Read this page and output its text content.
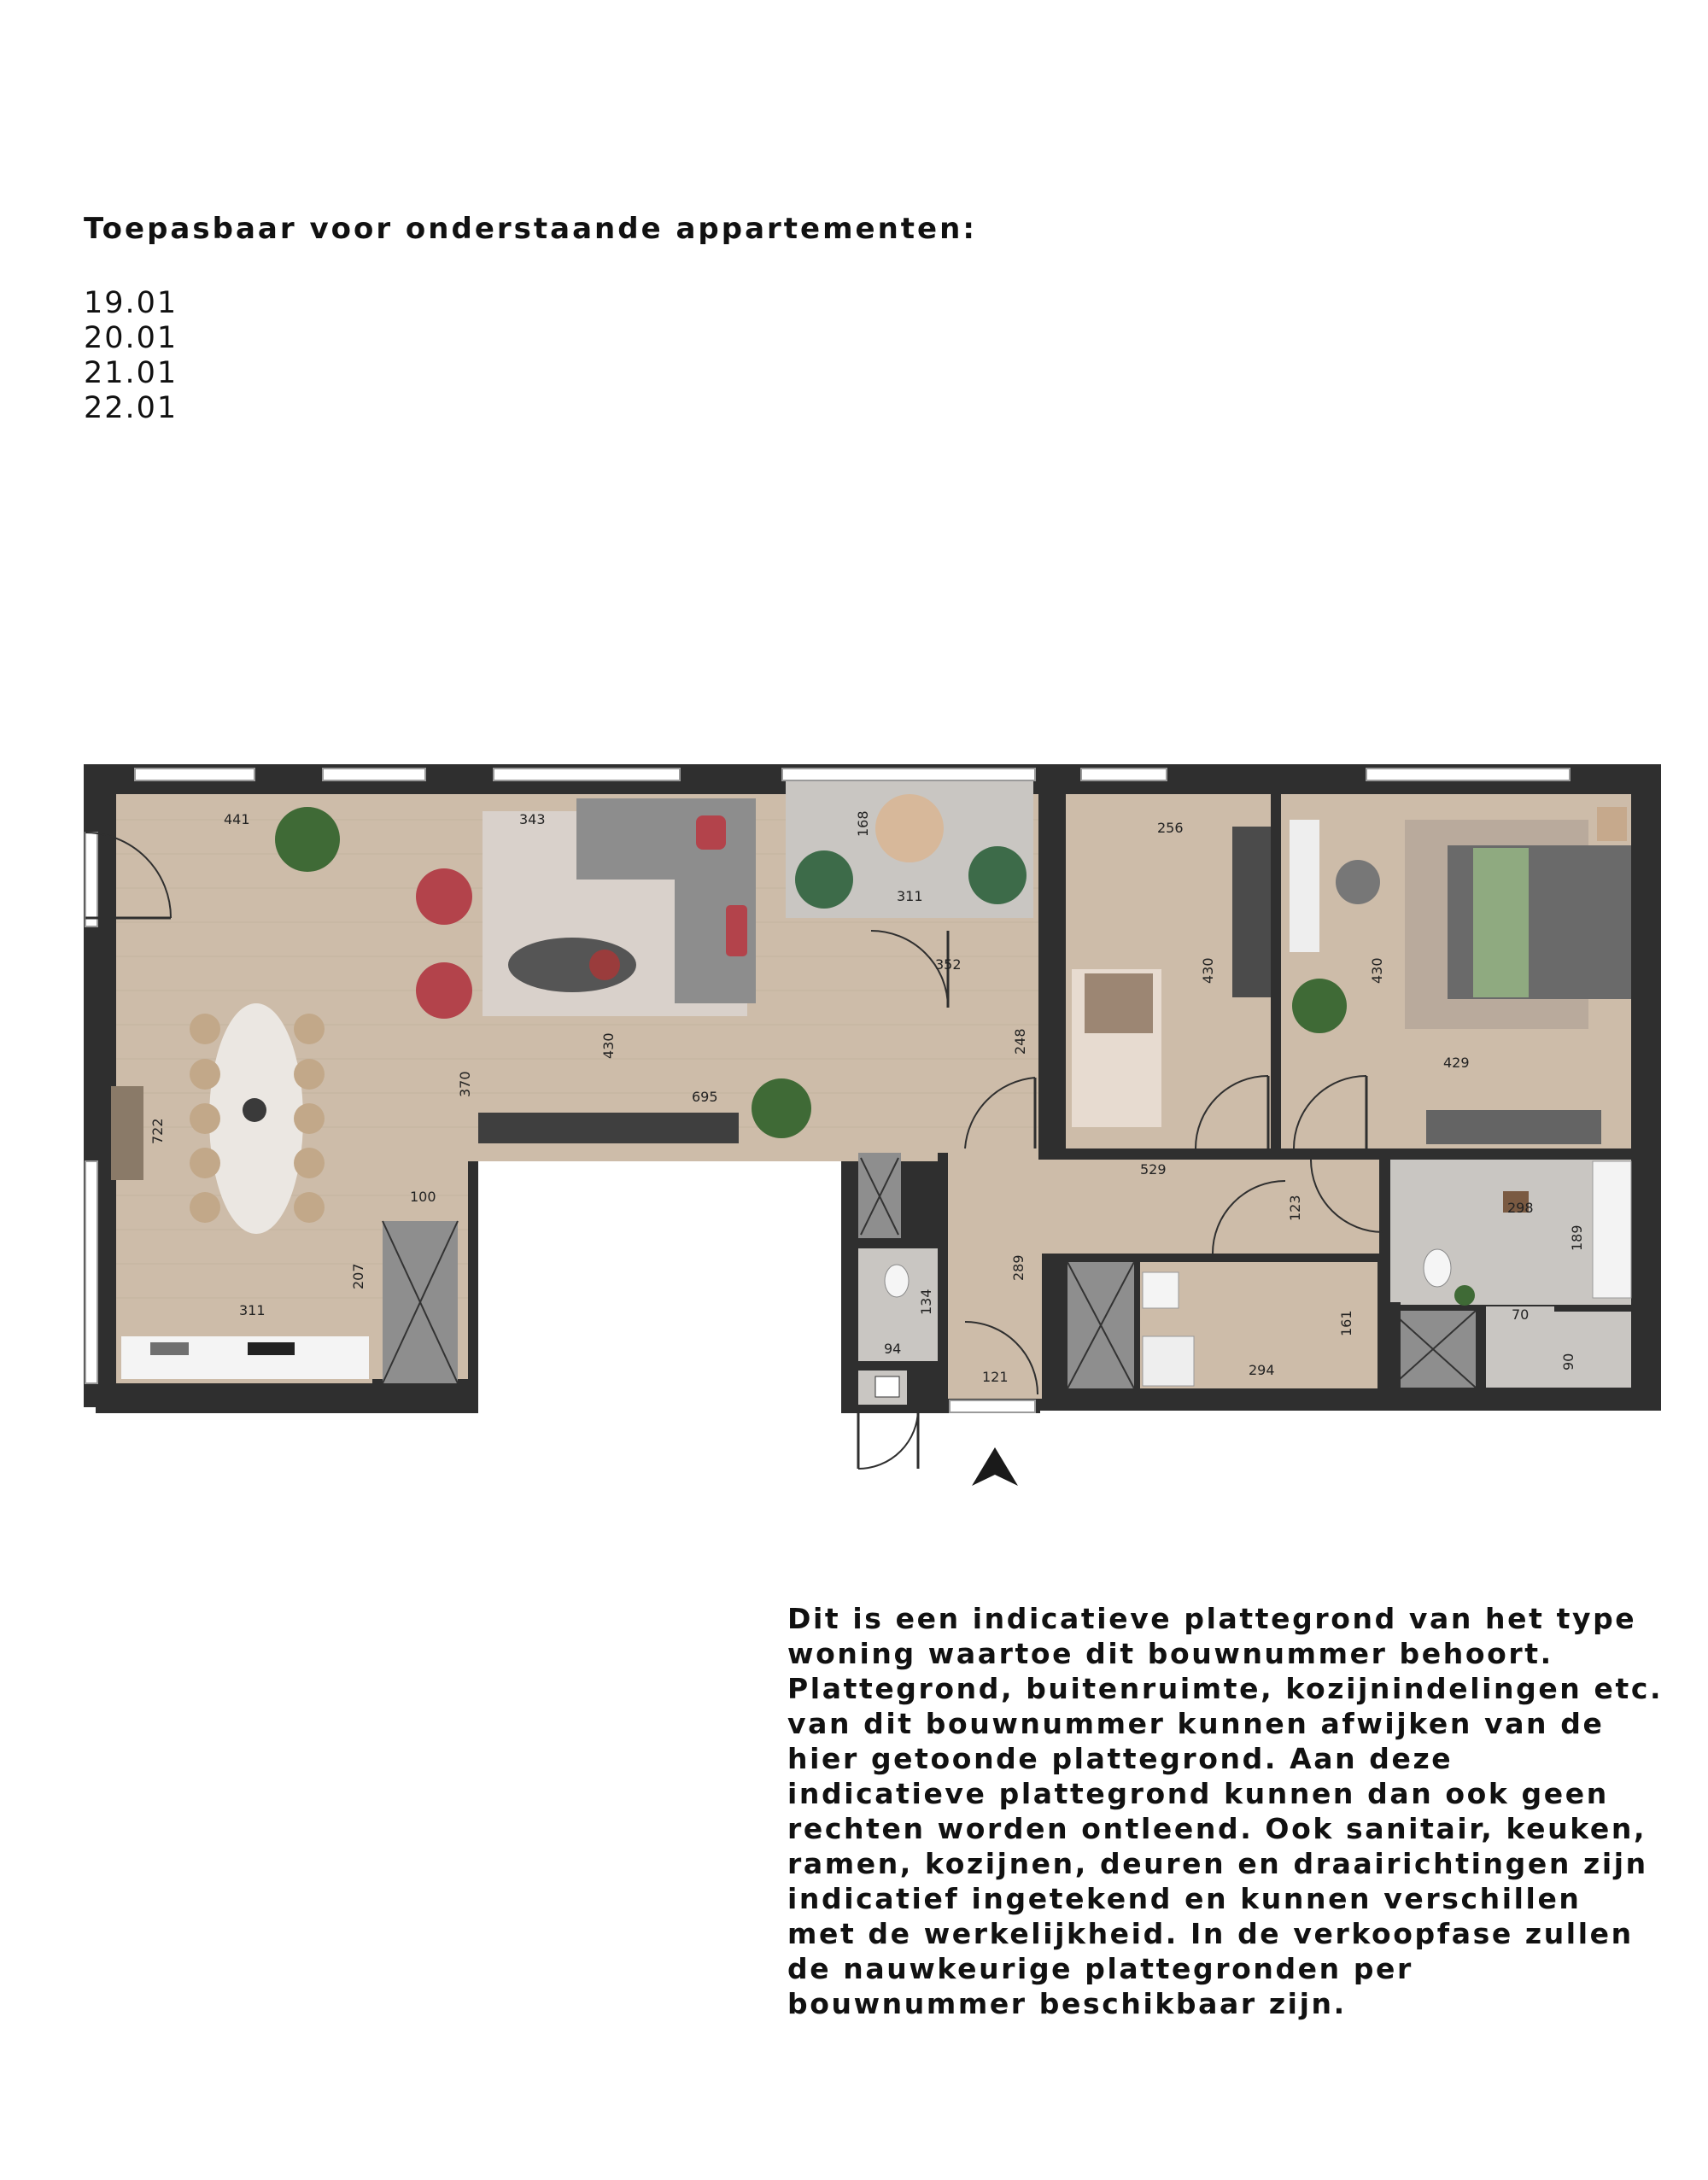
Toepasbaar voor onderstaande appartementen:
19.01
20.01
21.01
22.01
441
722
343
311
168
352
370
430
695
248
311
207
100
256
430	430
429
529
123
289
121
134
94
294
161
298
189
70
90
Dit is een indicatieve plattegrond van het type
woning waartoe dit bouwnummer behoort.
Plattegrond, buitenruimte, kozijnindelingen etc.
van dit bouwnummer kunnen afwijken van de
hier getoonde plattegrond. Aan deze
indicatieve plattegrond kunnen dan ook geen
rechten worden ontleend. Ook sanitair, keuken,
ramen, kozijnen, deuren en draairichtingen zijn
indicatief ingetekend en kunnen verschillen
met de werkelijkheid. In de verkoopfase zullen
de nauwkeurige plattegronden per
bouwnummer beschikbaar zijn.
